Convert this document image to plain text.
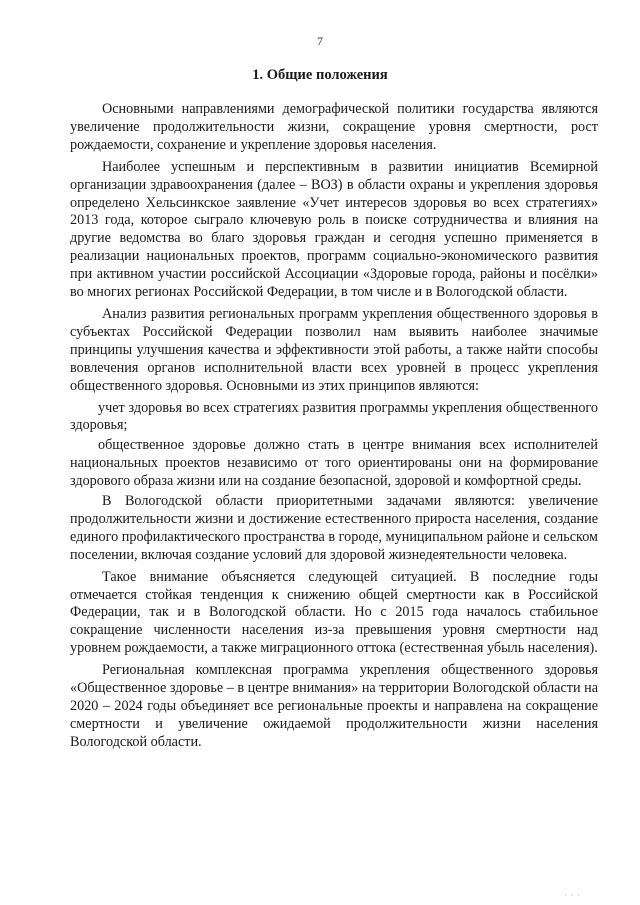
7
1. Общие положения

Основными направлениями демографической политики государства являются увеличение продолжительности жизни, сокращение уровня смертности, рост рождаемости, сохранение и укрепление здоровья населения.

Наиболее успешным и перспективным в развитии инициатив Всемирной организации здравоохранения (далее – ВОЗ) в области охраны и укрепления здоровья определено Хельсинкское заявление «Учет интересов здоровья во всех стратегиях» 2013 года, которое сыграло ключевую роль в поиске сотрудничества и влияния на другие ведомства во благо здоровья граждан и сегодня успешно применяется в реализации национальных проектов, программ социально-экономического развития при активном участии российской Ассоциации «Здоровые города, районы и посёлки» во многих регионах Российской Федерации, в том числе и в Вологодской области.

Анализ развития региональных программ укрепления общественного здоровья в субъектах Российской Федерации позволил нам выявить наиболее значимые принципы улучшения качества и эффективности этой работы, а также найти способы вовлечения органов исполнительной власти всех уровней в процесс укрепления общественного здоровья. Основными из этих принципов являются:

учет здоровья во всех стратегиях развития программы укрепления общественного здоровья;

общественное здоровье должно стать в центре внимания всех исполнителей национальных проектов независимо от того ориентированы они на формирование здорового образа жизни или на создание безопасной, здоровой и комфортной среды.

В Вологодской области приоритетными задачами являются: увеличение продолжительности жизни и достижение естественного прироста населения, создание единого профилактического пространства в городе, муниципальном районе и сельском поселении, включая создание условий для здоровой жизнедеятельности человека.

Такое внимание объясняется следующей ситуацией. В последние годы отмечается стойкая тенденция к снижению общей смертности как в Российской Федерации, так и в Вологодской области. Но с 2015 года началось стабильное сокращение численности населения из-за превышения уровня смертности над уровнем рождаемости, а также миграционного оттока (естественная убыль населения).

Региональная комплексная программа укрепления общественного здоровья «Общественное здоровье – в центре внимания» на территории Вологодской области на 2020 – 2024 годы объединяет все региональные проекты и направлена на сокращение смертности и увеличение ожидаемой продолжительности жизни населения Вологодской области.

· · ·
